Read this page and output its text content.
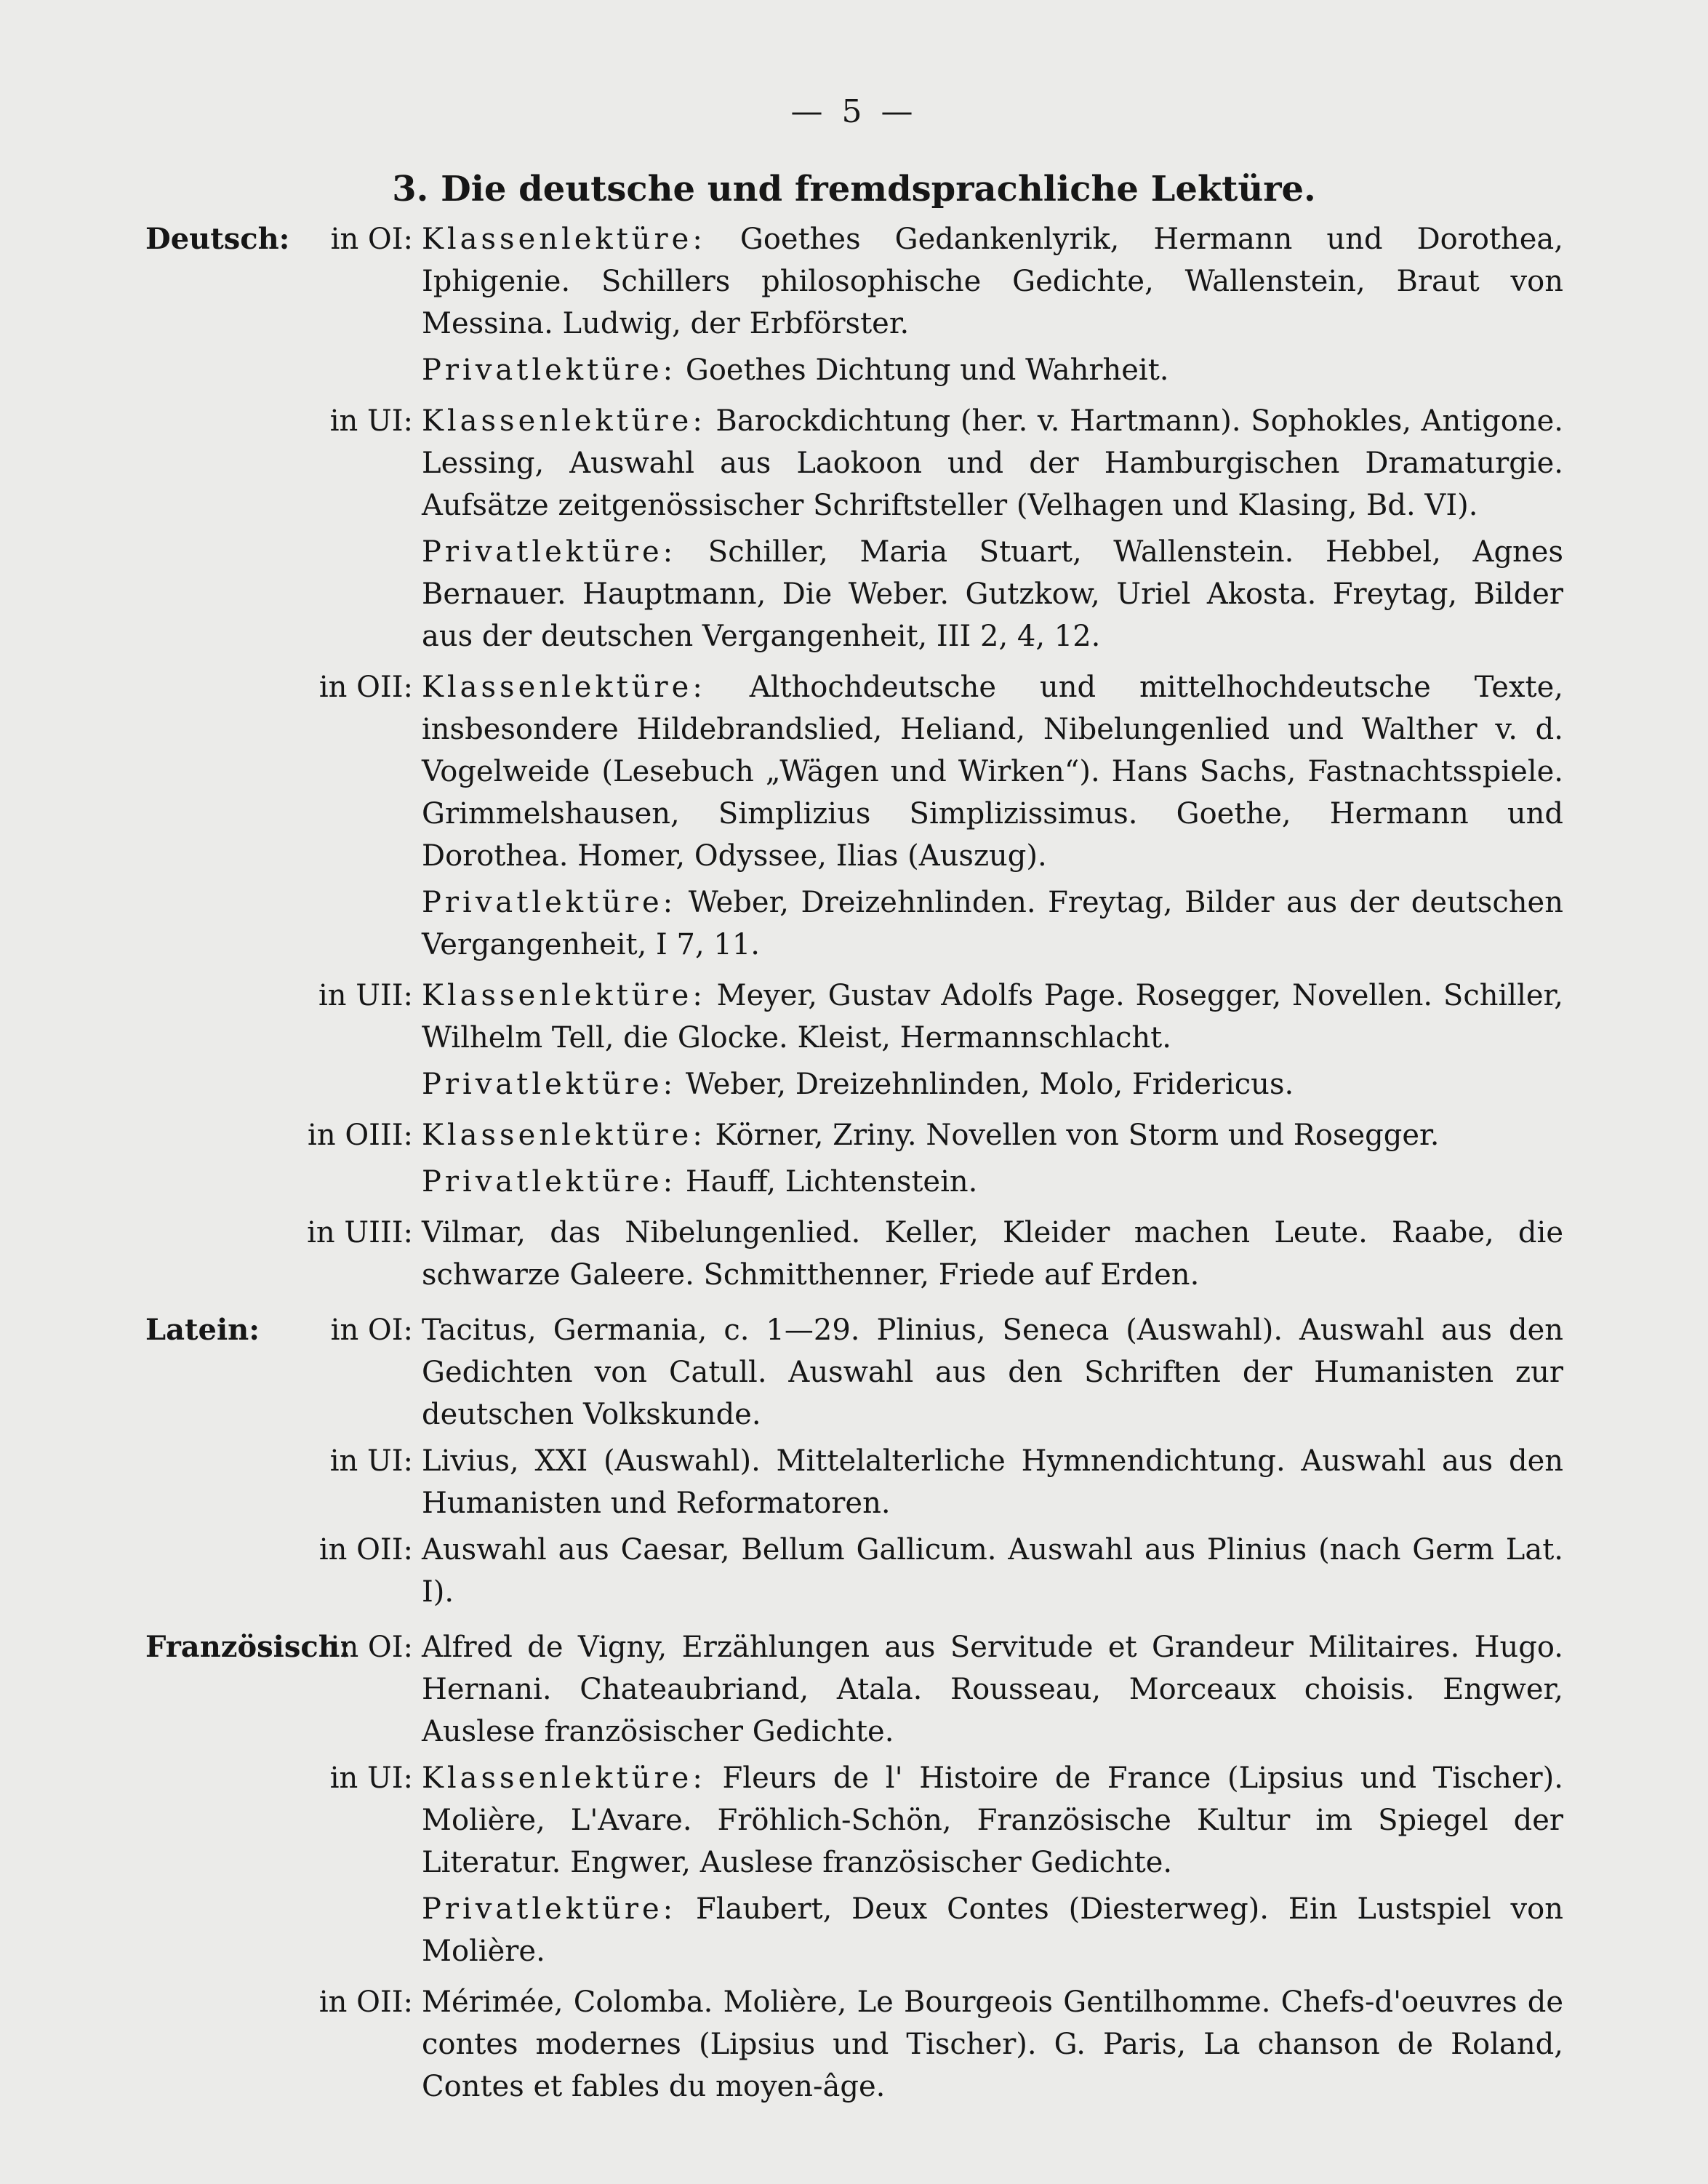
— 5 —
3. Die deutsche und fremdsprachliche Lektüre.
Deutsch:	in OI: Klassenlektüre: Goethes Gedankenlyrik, Hermann und Dorothea, Iphigenie. Schillers philosophische Gedichte, Wallenstein, Braut von Messina. Ludwig, der Erbförster.
Privatlektüre: Goethes Dichtung und Wahrheit.
in UI: Klassenlektüre: Barockdichtung (her. v. Hartmann). Sophokles, Antigone. Lessing, Auswahl aus Laokoon und der Hamburgischen Dramaturgie. Aufsätze zeitgenössischer Schriftsteller (Velhagen und Klasing, Bd. VI).
Privatlektüre: Schiller, Maria Stuart, Wallenstein. Hebbel, Agnes Bernauer. Hauptmann, Die Weber. Gutzkow, Uriel Akosta. Freytag, Bilder aus der deutschen Vergangenheit, III 2, 4, 12.
in OII: Klassenlektüre: Althochdeutsche und mittelhochdeutsche Texte, insbesondere Hildebrandslied, Heliand, Nibelungenlied und Walther v. d. Vogelweide (Lesebuch „Wägen und Wirken“). Hans Sachs, Fastnachtsspiele. Grimmelshausen, Simplizius Simplizissimus. Goethe, Hermann und Dorothea. Homer, Odyssee, Ilias (Auszug).
Privatlektüre: Weber, Dreizehnlinden. Freytag, Bilder aus der deutschen Vergangenheit, I 7, 11.
in UII: Klassenlektüre: Meyer, Gustav Adolfs Page. Rosegger, Novellen. Schiller, Wilhelm Tell, die Glocke. Kleist, Hermannschlacht.
Privatlektüre: Weber, Dreizehnlinden, Molo, Fridericus.
in OIII: Klassenlektüre: Körner, Zriny. Novellen von Storm und Rosegger.
Privatlektüre: Hauff, Lichtenstein.
in UIII: Vilmar, das Nibelungenlied. Keller, Kleider machen Leute. Raabe, die schwarze Galeere. Schmitthenner, Friede auf Erden.
Latein:	in OI: Tacitus, Germania, c. 1—29. Plinius, Seneca (Auswahl). Auswahl aus den Gedichten von Catull. Auswahl aus den Schriften der Humanisten zur deutschen Volkskunde.
in UI: Livius, XXI (Auswahl). Mittelalterliche Hymnendichtung. Auswahl aus den Humanisten und Reformatoren.
in OII: Auswahl aus Caesar, Bellum Gallicum. Auswahl aus Plinius (nach Germ Lat. I).
Französisch:
in OI: Alfred de Vigny, Erzählungen aus Servitude et Grandeur Militaires. Hugo. Hernani. Chateaubriand, Atala. Rousseau, Morceaux choisis. Engwer, Auslese französischer Gedichte.
in UI: Klassenlektüre: Fleurs de l' Histoire de France (Lipsius und Tischer). Molière, L'Avare. Fröhlich-Schön, Französische Kultur im Spiegel der Literatur. Engwer, Auslese französischer Gedichte.
Privatlektüre: Flaubert, Deux Contes (Diesterweg). Ein Lustspiel von Molière.
in OII: Mérimée, Colomba. Molière, Le Bourgeois Gentilhomme. Chefs-d'oeuvres de contes modernes (Lipsius und Tischer). G. Paris, La chanson de Roland, Contes et fables du moyen-âge.
